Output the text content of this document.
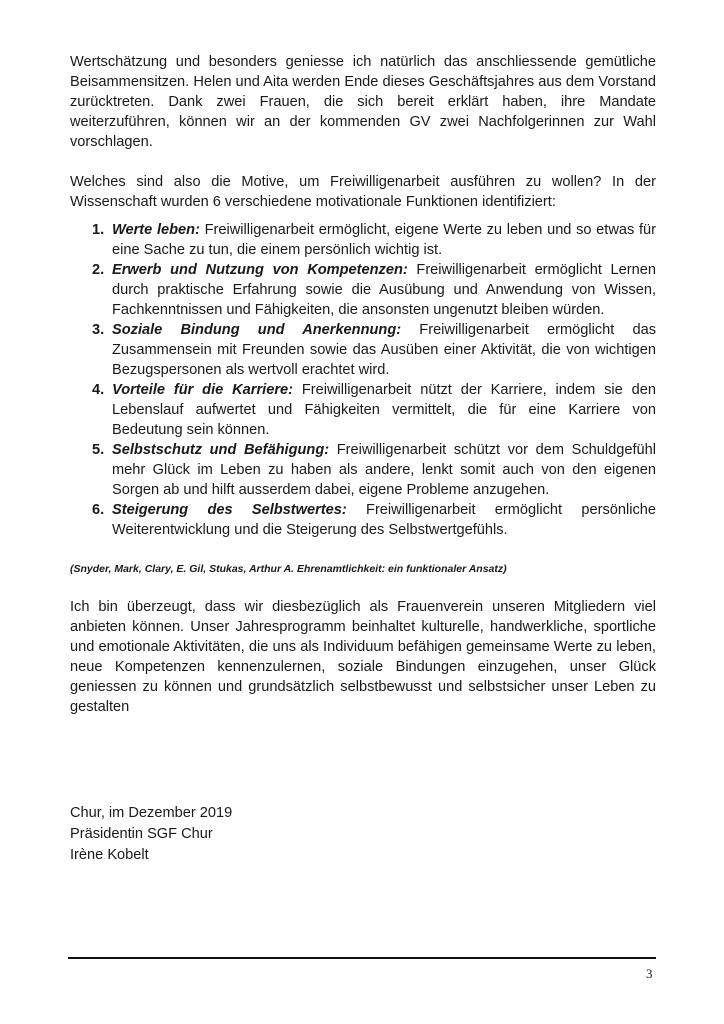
Wertschätzung und besonders geniesse ich natürlich das anschliessende gemütliche Beisammensitzen. Helen und Aita werden Ende dieses Geschäftsjahres aus dem Vorstand zurücktreten. Dank zwei Frauen, die sich bereit erklärt haben, ihre Mandate weiterzuführen, können wir an der kommenden GV zwei Nachfolgerinnen zur Wahl vorschlagen.

Welches sind also die Motive, um Freiwilligenarbeit ausführen zu wollen? In der Wissenschaft wurden 6 verschiedene motivationale Funktionen identifiziert:

1. Werte leben: Freiwilligenarbeit ermöglicht, eigene Werte zu leben und so etwas für eine Sache zu tun, die einem persönlich wichtig ist.
2. Erwerb und Nutzung von Kompetenzen: Freiwilligenarbeit ermöglicht Lernen durch praktische Erfahrung sowie die Ausübung und Anwendung von Wissen, Fachkenntnissen und Fähigkeiten, die ansonsten ungenutzt bleiben würden.
3. Soziale Bindung und Anerkennung: Freiwilligenarbeit ermöglicht das Zusammensein mit Freunden sowie das Ausüben einer Aktivität, die von wichtigen Bezugspersonen als wertvoll erachtet wird.
4. Vorteile für die Karriere: Freiwilligenarbeit nützt der Karriere, indem sie den Lebenslauf aufwertet und Fähigkeiten vermittelt, die für eine Karriere von Bedeutung sein können.
5. Selbstschutz und Befähigung: Freiwilligenarbeit schützt vor dem Schuldgefühl mehr Glück im Leben zu haben als andere, lenkt somit auch von den eigenen Sorgen ab und hilft ausserdem dabei, eigene Probleme anzugehen.
6. Steigerung des Selbstwertes: Freiwilligenarbeit ermöglicht persönliche Weiterentwicklung und die Steigerung des Selbstwertgefühls.

(Snyder, Mark, Clary, E. Gil, Stukas, Arthur A. Ehrenamtlichkeit: ein funktionaler Ansatz)

Ich bin überzeugt, dass wir diesbezüglich als Frauenverein unseren Mitgliedern viel anbieten können. Unser Jahresprogramm beinhaltet kulturelle, handwerkliche, sportliche und emotionale Aktivitäten, die uns als Individuum befähigen gemeinsame Werte zu leben, neue Kompetenzen kennenzulernen, soziale Bindungen einzugehen, unser Glück geniessen zu können und grundsätzlich selbstbewusst und selbstsicher unser Leben zu gestalten

Chur, im Dezember 2019
Präsidentin SGF Chur
Irène Kobelt
3
